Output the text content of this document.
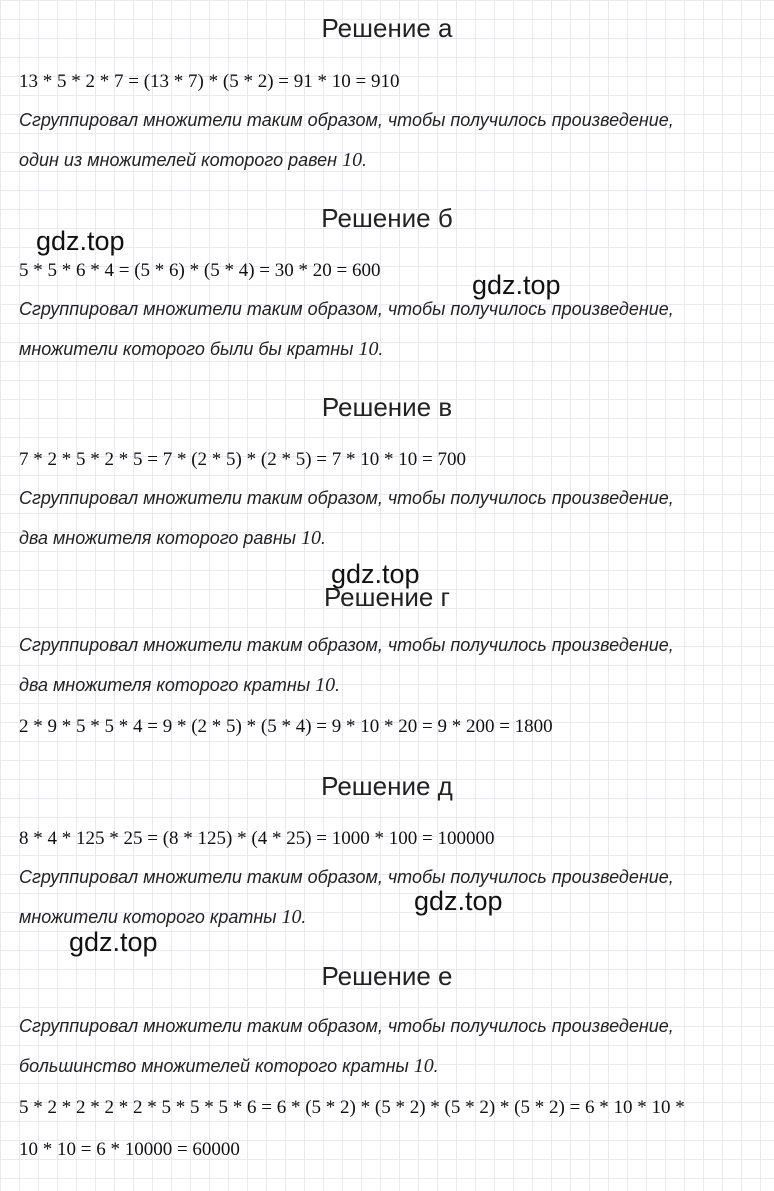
Решение а
13 * 5 * 2 * 7 = (13 * 7) * (5 * 2) = 91 * 10 = 910
Сгруппировал множители таким образом, чтобы получилось произведение,
один из множителей которого равен 10.
Решение б
5 * 5 * 6 * 4 = (5 * 6) * (5 * 4) = 30 * 20 = 600
Сгруппировал множители таким образом, чтобы получилось произведение,
множители которого были бы кратны 10.
Решение в
7 * 2 * 5 * 2 * 5 = 7 * (2 * 5) * (2 * 5) = 7 * 10 * 10 = 700
Сгруппировал множители таким образом, чтобы получилось произведение,
два множителя которого равны 10.
Решение г
Сгруппировал множители таким образом, чтобы получилось произведение,
два множителя которого кратны 10.
2 * 9 * 5 * 5 * 4 = 9 * (2 * 5) * (5 * 4) = 9 * 10 * 20 = 9 * 200 = 1800
Решение д
8 * 4 * 125 * 25 = (8 * 125) * (4 * 25) = 1000 * 100 = 100000
Сгруппировал множители таким образом, чтобы получилось произведение,
множители которого кратны 10.
Решение е
Сгруппировал множители таким образом, чтобы получилось произведение,
большинство множителей которого кратны 10.
5 * 2 * 2 * 2 * 2 * 5 * 5 * 5 * 6 = 6 * (5 * 2) * (5 * 2) * (5 * 2) * (5 * 2) = 6 * 10 * 10 *
10 * 10 = 6 * 10000 = 60000
gdz.top
gdz.top
gdz.top
gdz.top
gdz.top
